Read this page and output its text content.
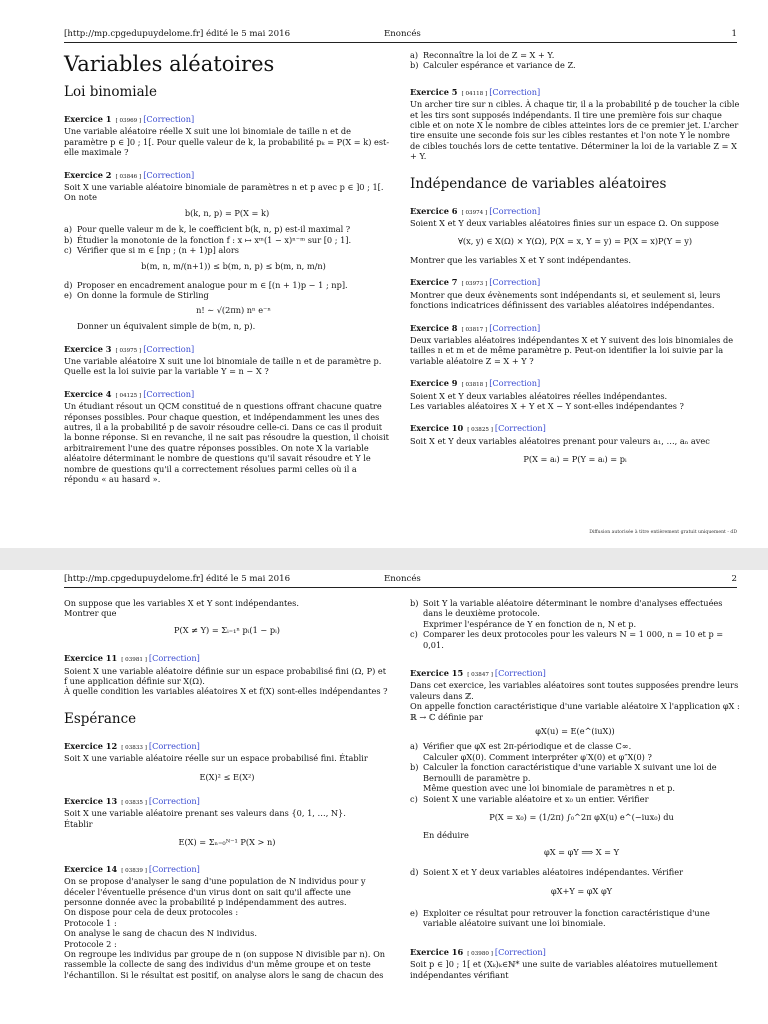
[http://mp.cpgedupuydelome.fr] édité le 5 mai 2016	Enoncés	1
Variables aléatoires
Loi binomiale
Exercice 1 [ 03969 ] [Correction]
Une variable aléatoire réelle X suit une loi binomiale de taille n et de paramètre p ∈ ]0 ; 1[. Pour quelle valeur de k, la probabilité pₖ = P(X = k) est-elle maximale ?
Exercice 2 [ 03846 ] [Correction]
Soit X une variable aléatoire binomiale de paramètres n et p avec p ∈ ]0 ; 1[. On note
b(k, n, p) = P(X = k)
a) Pour quelle valeur m de k, le coefficient b(k, n, p) est-il maximal ?
b) Étudier la monotonie de la fonction f : x ↦ xᵐ(1 − x)ⁿ⁻ᵐ sur [0 ; 1].
c) Vérifier que si m ∈ [np ; (n + 1)p] alors
b(m, n, m/(n+1)) ≤ b(m, n, p) ≤ b(m, n, m/n)
d) Proposer en encadrement analogue pour m ∈ [(n + 1)p − 1 ; np].
e) On donne la formule de Stirling
n! ∼ √(2πn) nⁿ e⁻ⁿ
Donner un équivalent simple de b(m, n, p).
Exercice 3 [ 03975 ] [Correction]
Une variable aléatoire X suit une loi binomiale de taille n et de paramètre p. Quelle est la loi suivie par la variable Y = n − X ?
Exercice 4 [ 04125 ] [Correction]
Un étudiant résout un QCM constitué de n questions offrant chacune quatre réponses possibles. Pour chaque question, et indépendamment les unes des autres, il a la probabilité p de savoir résoudre celle-ci. Dans ce cas il produit la bonne réponse. Si en revanche, il ne sait pas résoudre la question, il choisit arbitrairement l'une des quatre réponses possibles. On note X la variable aléatoire déterminant le nombre de questions qu'il savait résoudre et Y le nombre de questions qu'il a correctement résolues parmi celles où il a répondu « au hasard ».
a) Reconnaître la loi de Z = X + Y.
b) Calculer espérance et variance de Z.
Exercice 5 [ 04118 ] [Correction]
Un archer tire sur n cibles. À chaque tir, il a la probabilité p de toucher la cible et les tirs sont supposés indépendants. Il tire une première fois sur chaque cible et on note X le nombre de cibles atteintes lors de ce premier jet. L'archer tire ensuite une seconde fois sur les cibles restantes et l'on note Y le nombre de cibles touchés lors de cette tentative. Déterminer la loi de la variable Z = X + Y.
Indépendance de variables aléatoires
Exercice 6 [ 03974 ] [Correction]
Soient X et Y deux variables aléatoires finies sur un espace Ω. On suppose
∀(x, y) ∈ X(Ω) × Y(Ω), P(X = x, Y = y) = P(X = x)P(Y = y)
Montrer que les variables X et Y sont indépendantes.
Exercice 7 [ 03973 ] [Correction]
Montrer que deux évènements sont indépendants si, et seulement si, leurs fonctions indicatrices définissent des variables aléatoires indépendantes.
Exercice 8 [ 03817 ] [Correction]
Deux variables aléatoires indépendantes X et Y suivent des lois binomiales de tailles n et m et de même paramètre p. Peut-on identifier la loi suivie par la variable aléatoire Z = X + Y ?
Exercice 9 [ 03818 ] [Correction]
Soient X et Y deux variables aléatoires réelles indépendantes.
Les variables aléatoires X + Y et X − Y sont-elles indépendantes ?
Exercice 10 [ 03825 ] [Correction]
Soit X et Y deux variables aléatoires prenant pour valeurs a₁, …, aₙ avec
P(X = aᵢ) = P(Y = aᵢ) = pᵢ
Diffusion autorisée à titre entièrement gratuit uniquement - dD
[http://mp.cpgedupuydelome.fr] édité le 5 mai 2016	Enoncés	2
On suppose que les variables X et Y sont indépendantes.
Montrer que
P(X ≠ Y) = Σᵢ₌₁ⁿ pᵢ(1 − pᵢ)
Exercice 11 [ 03981 ] [Correction]
Soient X une variable aléatoire définie sur un espace probabilisé fini (Ω, P) et f une application définie sur X(Ω).
À quelle condition les variables aléatoires X et f(X) sont-elles indépendantes ?
Espérance
Exercice 12 [ 03833 ] [Correction]
Soit X une variable aléatoire réelle sur un espace probabilisé fini. Établir
E(X)² ≤ E(X²)
Exercice 13 [ 03835 ] [Correction]
Soit X une variable aléatoire prenant ses valeurs dans {0, 1, …, N}.
Établir
E(X) = Σₙ₌₀ᴺ⁻¹ P(X > n)
Exercice 14 [ 03839 ] [Correction]
On se propose d'analyser le sang d'une population de N individus pour y déceler l'éventuelle présence d'un virus dont on sait qu'il affecte une personne donnée avec la probabilité p indépendamment des autres.
On dispose pour cela de deux protocoles :
Protocole 1 :
On analyse le sang de chacun des N individus.
Protocole 2 :
On regroupe les individus par groupe de n (on suppose N divisible par n). On rassemble la collecte de sang des individus d'un même groupe et on teste l'échantillon. Si le résultat est positif, on analyse alors le sang de chacun des
b) Soit Y la variable aléatoire déterminant le nombre d'analyses effectuées dans le deuxième protocole.
Exprimer l'espérance de Y en fonction de n, N et p.
c) Comparer les deux protocoles pour les valeurs N = 1 000, n = 10 et p = 0,01.
Exercice 15 [ 03847 ] [Correction]
Dans cet exercice, les variables aléatoires sont toutes supposées prendre leurs valeurs dans ℤ.
On appelle fonction caractéristique d'une variable aléatoire X l'application φX : ℝ → ℂ définie par
φX(u) = E(e^(iuX))
a) Vérifier que φX est 2π-périodique et de classe C∞.
Calculer φX(0). Comment interpréter φ′X(0) et φ″X(0) ?
b) Calculer la fonction caractéristique d'une variable X suivant une loi de Bernoulli de paramètre p.
Même question avec une loi binomiale de paramètres n et p.
c) Soient X une variable aléatoire et x₀ un entier. Vérifier
P(X = x₀) = (1/2π) ∫₀^2π φX(u) e^(−iux₀) du
En déduire
φX = φY ⟹ X = Y
d) Soient X et Y deux variables aléatoires indépendantes. Vérifier
φX+Y = φX φY
e) Exploiter ce résultat pour retrouver la fonction caractéristique d'une variable aléatoire suivant une loi binomiale.
Exercice 16 [ 03980 ] [Correction]
Soit p ∈ ]0 ; 1[ et (Xₖ)ₖ∈ℕ* une suite de variables aléatoires mutuellement indépendantes vérifiant
